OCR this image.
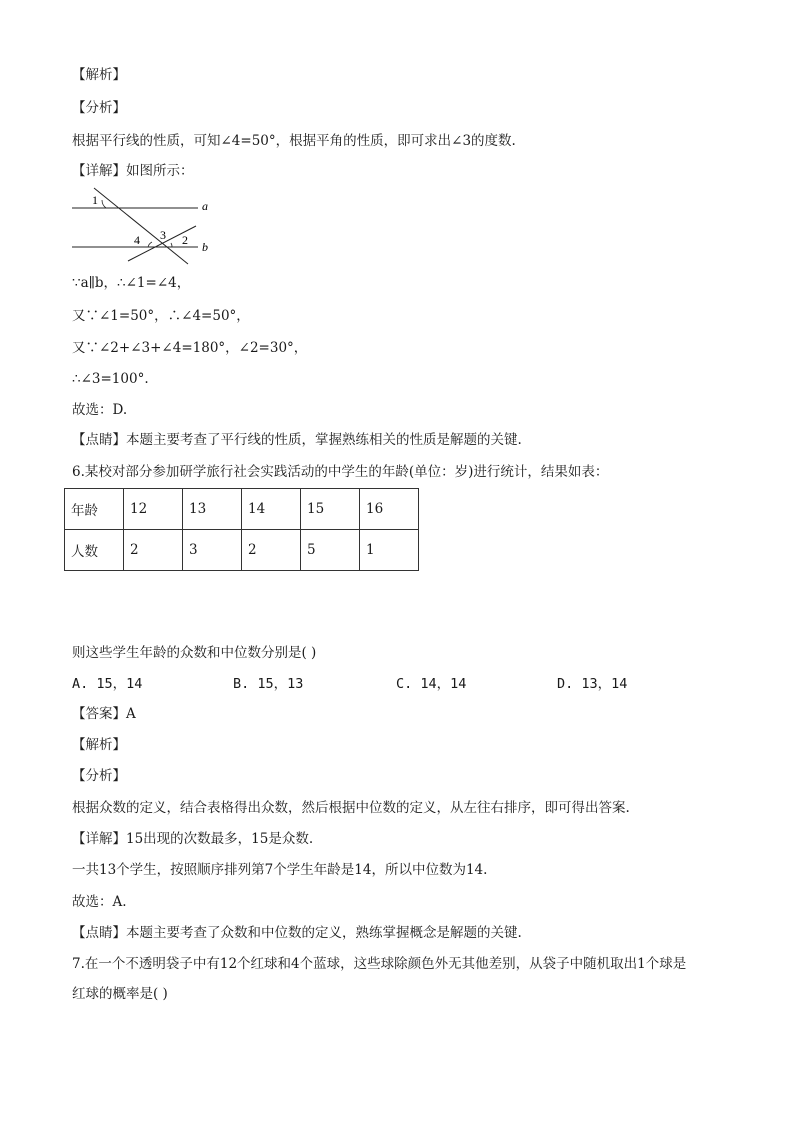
【解析】
【分析】
根据平行线的性质，可知∠4=50°，根据平角的性质，即可求出∠3的度数.
【详解】如图所示：
1	a
4 3 2 b
∵a∥b，∴∠1=∠4，
又∵∠1=50°，∴∠4=50°，
又∵∠2+∠3+∠4=180°，∠2=30°，
∴∠3=100°.
故选：D.
【点睛】本题主要考查了平行线的性质，掌握熟练相关的性质是解题的关键.
6.某校对部分参加研学旅行社会实践活动的中学生的年龄(单位：岁)进行统计，结果如表：
年龄	12	13	14	15	16
人数	2	3	2	5	1
则这些学生年龄的众数和中位数分别是( )
A. 15，14	B. 15，13	C. 14，14	D. 13，14
【答案】A
【解析】
【分析】
根据众数的定义，结合表格得出众数，然后根据中位数的定义，从左往右排序，即可得出答案.
【详解】15出现的次数最多，15是众数.
一共13个学生，按照顺序排列第7个学生年龄是14，所以中位数为14.
故选：A.
【点睛】本题主要考查了众数和中位数的定义，熟练掌握概念是解题的关键.
7.在一个不透明袋子中有12个红球和4个蓝球，这些球除颜色外无其他差别，从袋子中随机取出1个球是
红球的概率是( )
